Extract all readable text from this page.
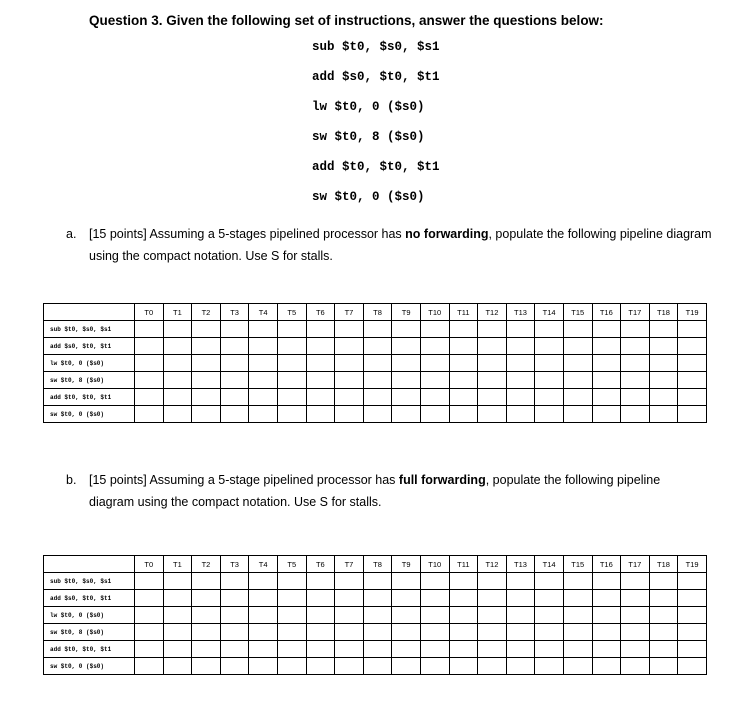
Question 3. Given the following set of instructions, answer the questions below:
sub $t0, $s0, $s1
add $s0, $t0, $t1
lw $t0, 0 ($s0)
sw $t0, 8 ($s0)
add $t0, $t0, $t1
sw $t0, 0 ($s0)
a. [15 points] Assuming a 5-stages pipelined processor has no forwarding, populate the following pipeline diagram using the compact notation. Use S for stalls.
	T0	T1	T2	T3	T4	T5	T6	T7	T8	T9	T10	T11	T12	T13	T14	T15	T16	T17	T18	T19
sub $t0, $s0, $s1																				
add $s0, $t0, $t1																				
lw $t0, 0 ($s0)																				
sw $t0, 8 ($s0)																				
add $t0, $t0, $t1																				
sw $t0, 0 ($s0)																				
b. [15 points] Assuming a 5-stage pipelined processor has full forwarding, populate the following pipeline diagram using the compact notation. Use S for stalls.
	T0	T1	T2	T3	T4	T5	T6	T7	T8	T9	T10	T11	T12	T13	T14	T15	T16	T17	T18	T19
sub $t0, $s0, $s1																				
add $s0, $t0, $t1																				
lw $t0, 0 ($s0)																				
sw $t0, 8 ($s0)																				
add $t0, $t0, $t1																				
sw $t0, 0 ($s0)																				
